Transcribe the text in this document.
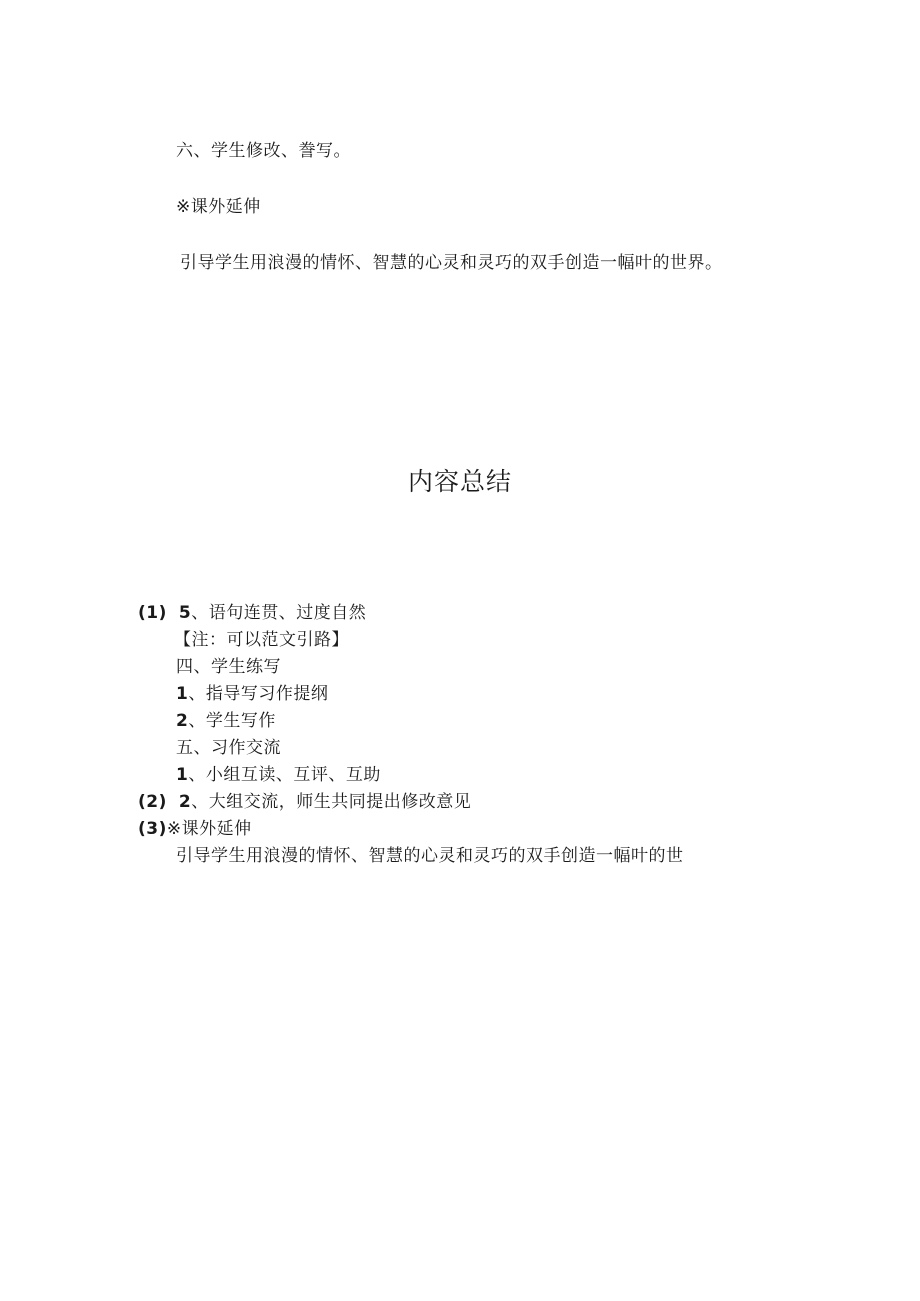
六、学生修改、誊写。
※课外延伸
引导学生用浪漫的情怀、智慧的心灵和灵巧的双手创造一幅叶的世界。
内容总结
(1) 5、语句连贯、过度自然
【注：可以范文引路】
四、学生练写
1、指导写习作提纲
2、学生写作
五、习作交流
1、小组互读、互评、互助
(2) 2、大组交流，师生共同提出修改意见
(3)※课外延伸
引导学生用浪漫的情怀、智慧的心灵和灵巧的双手创造一幅叶的世
